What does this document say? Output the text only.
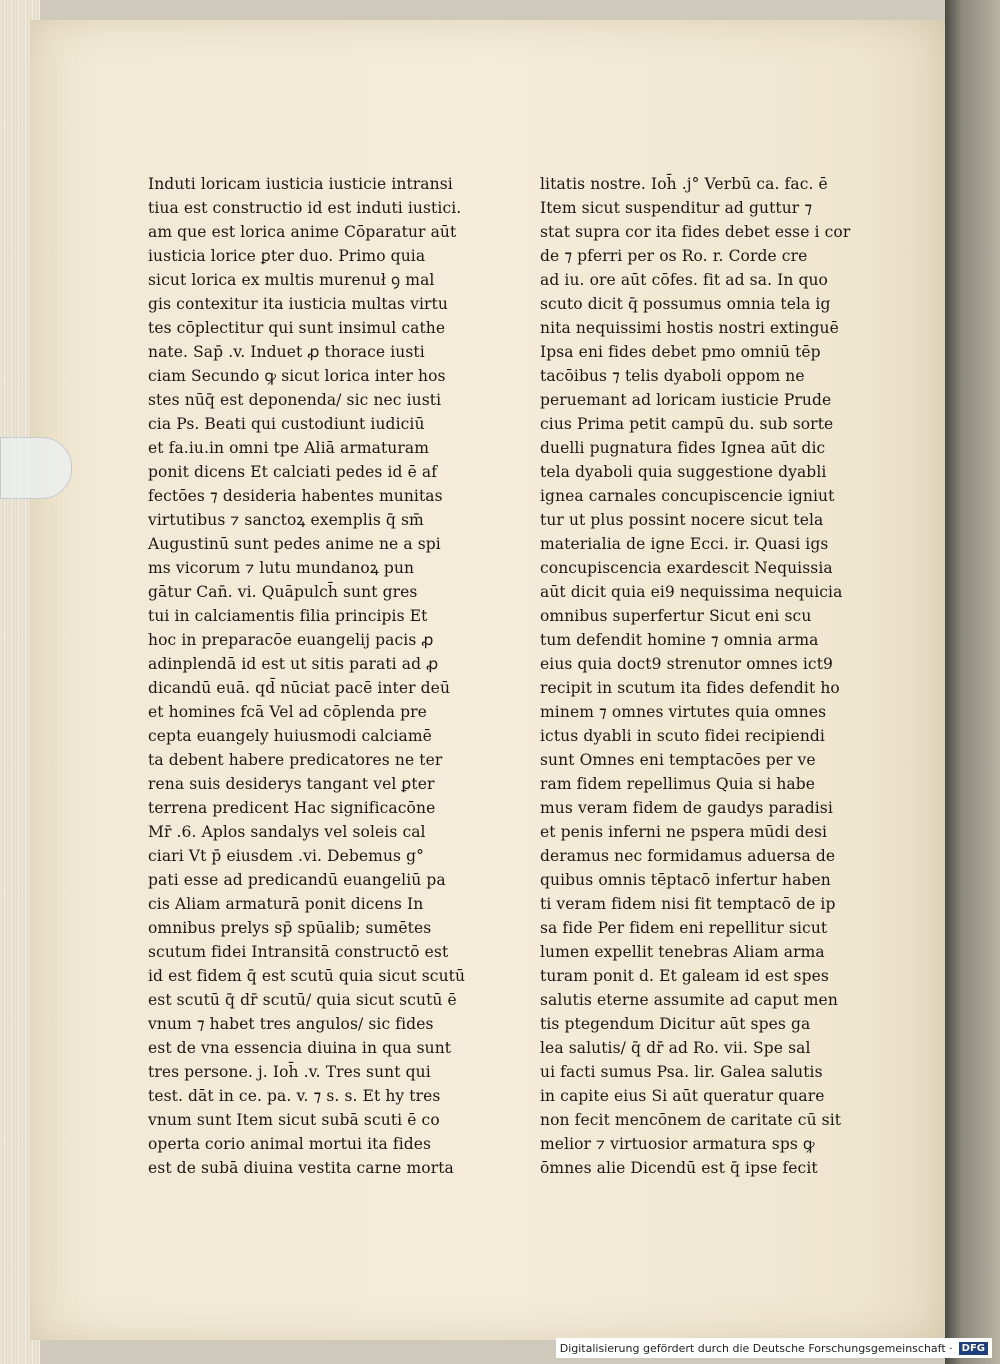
Induti loricam iusticia iusticie intransi
tiua est constructio id est induti iustici.
am que est lorica anime Cōparatur aūt
iusticia lorice ꝑter duo. Primo quia
sicut lorica ex multis murenuł ꝯ mal
gis contexitur ita iusticia multas virtu
tes cōplectitur qui sunt insimul cathe
nate. Sap̄ .v. Induet ꝓ thorace iusti
ciam Secundo ꝙ sicut lorica inter hos
stes nūq̄ est deponenda/ sic nec iusti
cia Ps. Beati qui custodiunt iudiciū
et fa.iu.in omni tpe Aliā armaturam
ponit dicens Et calciati pedes id ē af
fectōes ⁊ desideria habentes munitas
virtutibus ⁊ sanctoꝝ exemplis q̄ sm̄
Augustinū sunt pedes anime ne a spi
ms vicorum ⁊ lutu mundanoꝝ pun
gātur Can̄. vi. Quāpulch̄ sunt gres
tui in calciamentis filia principis Et
hoc in preparacōe euangelij pacis ꝓ
adinplendā id est ut sitis parati ad ꝓ
dicandū euā. qd̄ nūciat pacē inter deū
et homines fcā Vel ad cōplenda pre
cepta euangely huiusmodi calciamē
ta debent habere predicatores ne ter
rena suis desiderys tangant vel ꝑter
terrena predicent Hac significacōne
Mr̄ .6. Aplos sandalys vel soleis cal
ciari Vt p̄ eiusdem .vi. Debemus g°
pati esse ad predicandū euangeliū pa
cis Aliam armaturā ponit dicens In
omnibus prelys sp̄ spūalib; sumētes
scutum fidei Intransitā constructō est
id est fidem q̄ est scutū quia sicut scutū
est scutū q̄ dr̄ scutū/ quia sicut scutū ē
vnum ⁊ habet tres angulos/ sic fides
est de vna essencia diuina in qua sunt
tres persone. j. Ioh̄ .v. Tres sunt qui
test. dāt in ce. pa. v. ⁊ s. s. Et hy tres
vnum sunt Item sicut subā scuti ē co
operta corio animal mortui ita fides
est de subā diuina vestita carne morta
litatis nostre. Ioh̄ .j° Verbū ca. fac. ē
Item sicut suspenditur ad guttur ⁊
stat supra cor ita fides debet esse i cor
de ⁊ pferri per os Ro. r. Corde cre
ad iu. ore aūt cōfes. fit ad sa. In quo
scuto dicit q̄ possumus omnia tela ig
nita nequissimi hostis nostri extinguē
Ipsa eni fides debet pmo omniū tēp
tacōibus ⁊ telis dyaboli oppom ne
peruemant ad loricam iusticie Prude
cius Prima petit campū du. sub sorte
duelli pugnatura fides Ignea aūt dic
tela dyaboli quia suggestione dyabli
ignea carnales concupiscencie igniut
tur ut plus possint nocere sicut tela
materialia de igne Ecci. ir. Quasi igs
concupiscencia exardescit Nequissia
aūt dicit quia ei9 nequissima nequicia
omnibus superfertur Sicut eni scu
tum defendit homine ⁊ omnia arma
eius quia doct9 strenutor omnes ict9
recipit in scutum ita fides defendit ho
minem ⁊ omnes virtutes quia omnes
ictus dyabli in scuto fidei recipiendi
sunt Omnes eni temptacōes per ve
ram fidem repellimus Quia si habe
mus veram fidem de gaudys paradisi
et penis inferni ne pspera mūdi desi
deramus nec formidamus aduersa de
quibus omnis tēptacō infertur haben
ti veram fidem nisi fit temptacō de ip
sa fide Per fidem eni repellitur sicut
lumen expellit tenebras Aliam arma
turam ponit d. Et galeam id est spes
salutis eterne assumite ad caput men
tis ptegendum Dicitur aūt spes ga
lea salutis/ q̄ dr̄ ad Ro. vii. Spe sal
ui facti sumus Psa. lir. Galea salutis
in capite eius Si aūt queratur quare
non fecit mencōnem de caritate cū sit
melior ⁊ virtuosior armatura sps ꝙ
ōmnes alie Dicendū est q̄ ipse fecit
Digitalisierung gefördert durch die Deutsche Forschungsgemeinschaft · DFG
